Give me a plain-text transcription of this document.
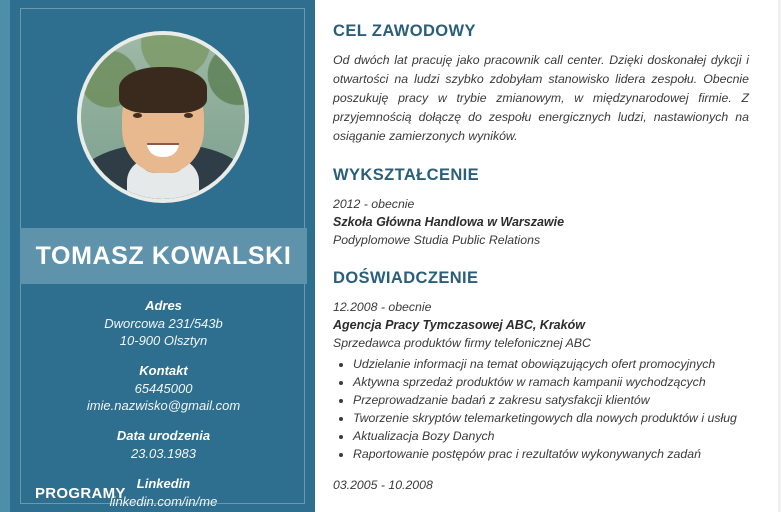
TOMASZ KOWALSKI
Adres
Dworcowa 231/543b
10-900 Olsztyn
Kontakt
65445000
imie.nazwisko@gmail.com
Data urodzenia
23.03.1983
Linkedin
linkedin.com/in/me
PROGRAMY
CEL ZAWODOWY

Od dwóch lat pracuję jako pracownik call center. Dzięki doskonałej dykcji i otwartości na ludzi szybko zdobyłam stanowisko lidera zespołu. Obecnie poszukuję pracy w trybie zmianowym, w międzynarodowej firmie. Z przyjemnością dołączę do zespołu energicznych ludzi, nastawionych na osiąganie zamierzonych wyników.

WYKSZTAŁCENIE
2012 - obecnie
Szkoła Główna Handlowa w Warszawie
Podyplomowe Studia Public Relations
DOŚWIADCZENIE
12.2008 - obecnie
Agencja Pracy Tymczasowej ABC, Kraków
Sprzedawca produktów firmy telefonicznej ABC
• Udzielanie informacji na temat obowiązujących ofert promocyjnych
• Aktywna sprzedaż produktów w ramach kampanii wychodzących
• Przeprowadzanie badań z zakresu satysfakcji klientów
• Tworzenie skryptów telemarketingowych dla nowych produktów i usług
• Aktualizacja Bozy Danych
• Raportowanie postępów prac i rezultatów wykonywanych zadań
03.2005 - 10.2008
